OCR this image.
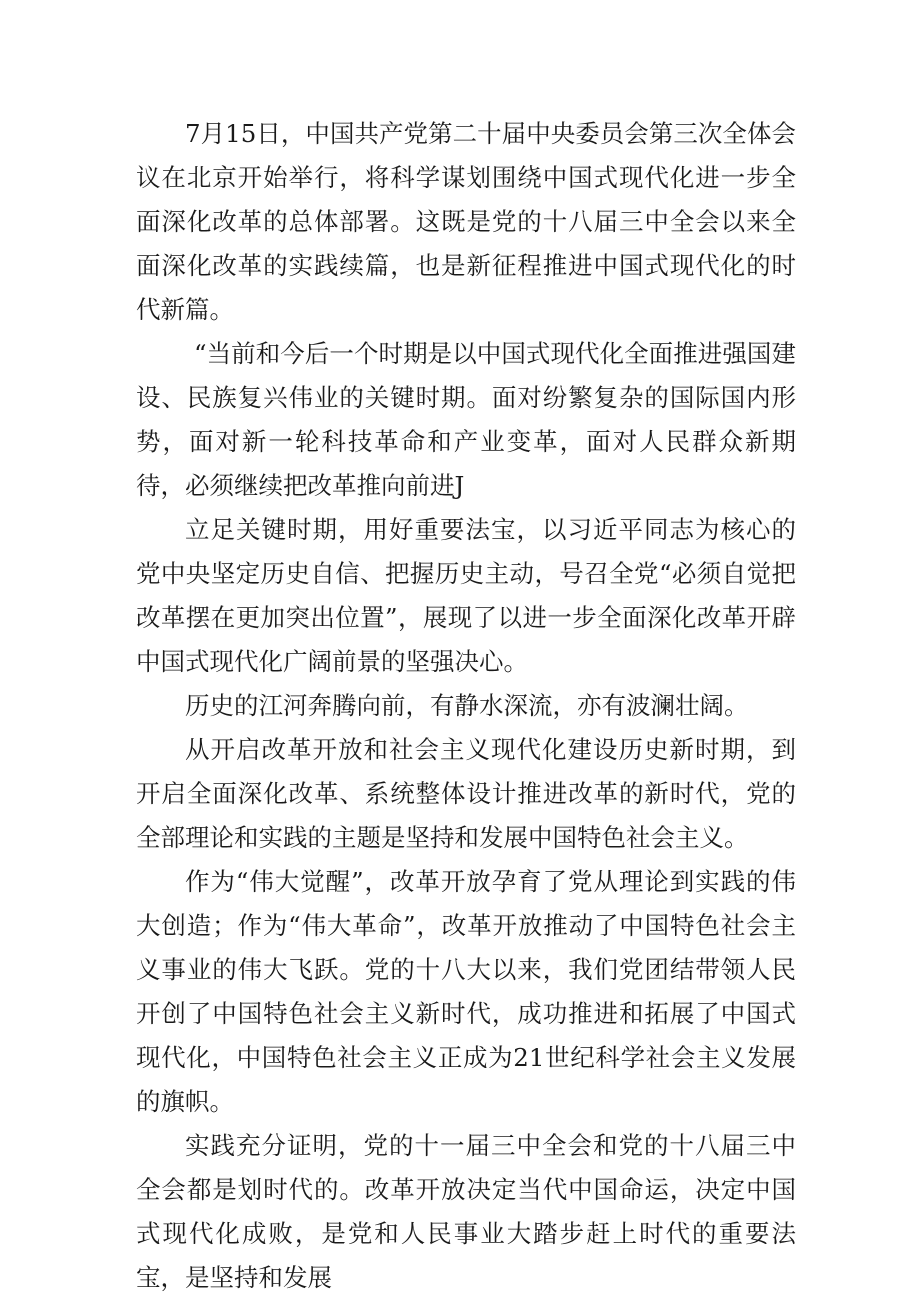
7月15日，中国共产党第二十届中央委员会第三次全体会议在北京开始举行，将科学谋划围绕中国式现代化进一步全面深化改革的总体部署。这既是党的十八届三中全会以来全面深化改革的实践续篇，也是新征程推进中国式现代化的时代新篇。

“当前和今后一个时期是以中国式现代化全面推进强国建设、民族复兴伟业的关键时期。面对纷繁复杂的国际国内形势，面对新一轮科技革命和产业变革，面对人民群众新期待，必须继续把改革推向前进J

立足关键时期，用好重要法宝，以习近平同志为核心的党中央坚定历史自信、把握历史主动，号召全党“必须自觉把改革摆在更加突出位置”，展现了以进一步全面深化改革开辟中国式现代化广阔前景的坚强决心。

历史的江河奔腾向前，有静水深流，亦有波澜壮阔。

从开启改革开放和社会主义现代化建设历史新时期，到开启全面深化改革、系统整体设计推进改革的新时代，党的全部理论和实践的主题是坚持和发展中国特色社会主义。

作为“伟大觉醒”，改革开放孕育了党从理论到实践的伟大创造；作为“伟大革命”，改革开放推动了中国特色社会主义事业的伟大飞跃。党的十八大以来，我们党团结带领人民开创了中国特色社会主义新时代，成功推进和拓展了中国式现代化，中国特色社会主义正成为21世纪科学社会主义发展的旗帜。

实践充分证明，党的十一届三中全会和党的十八届三中全会都是划时代的。改革开放决定当代中国命运，决定中国式现代化成败，是党和人民事业大踏步赶上时代的重要法宝，是坚持和发展
